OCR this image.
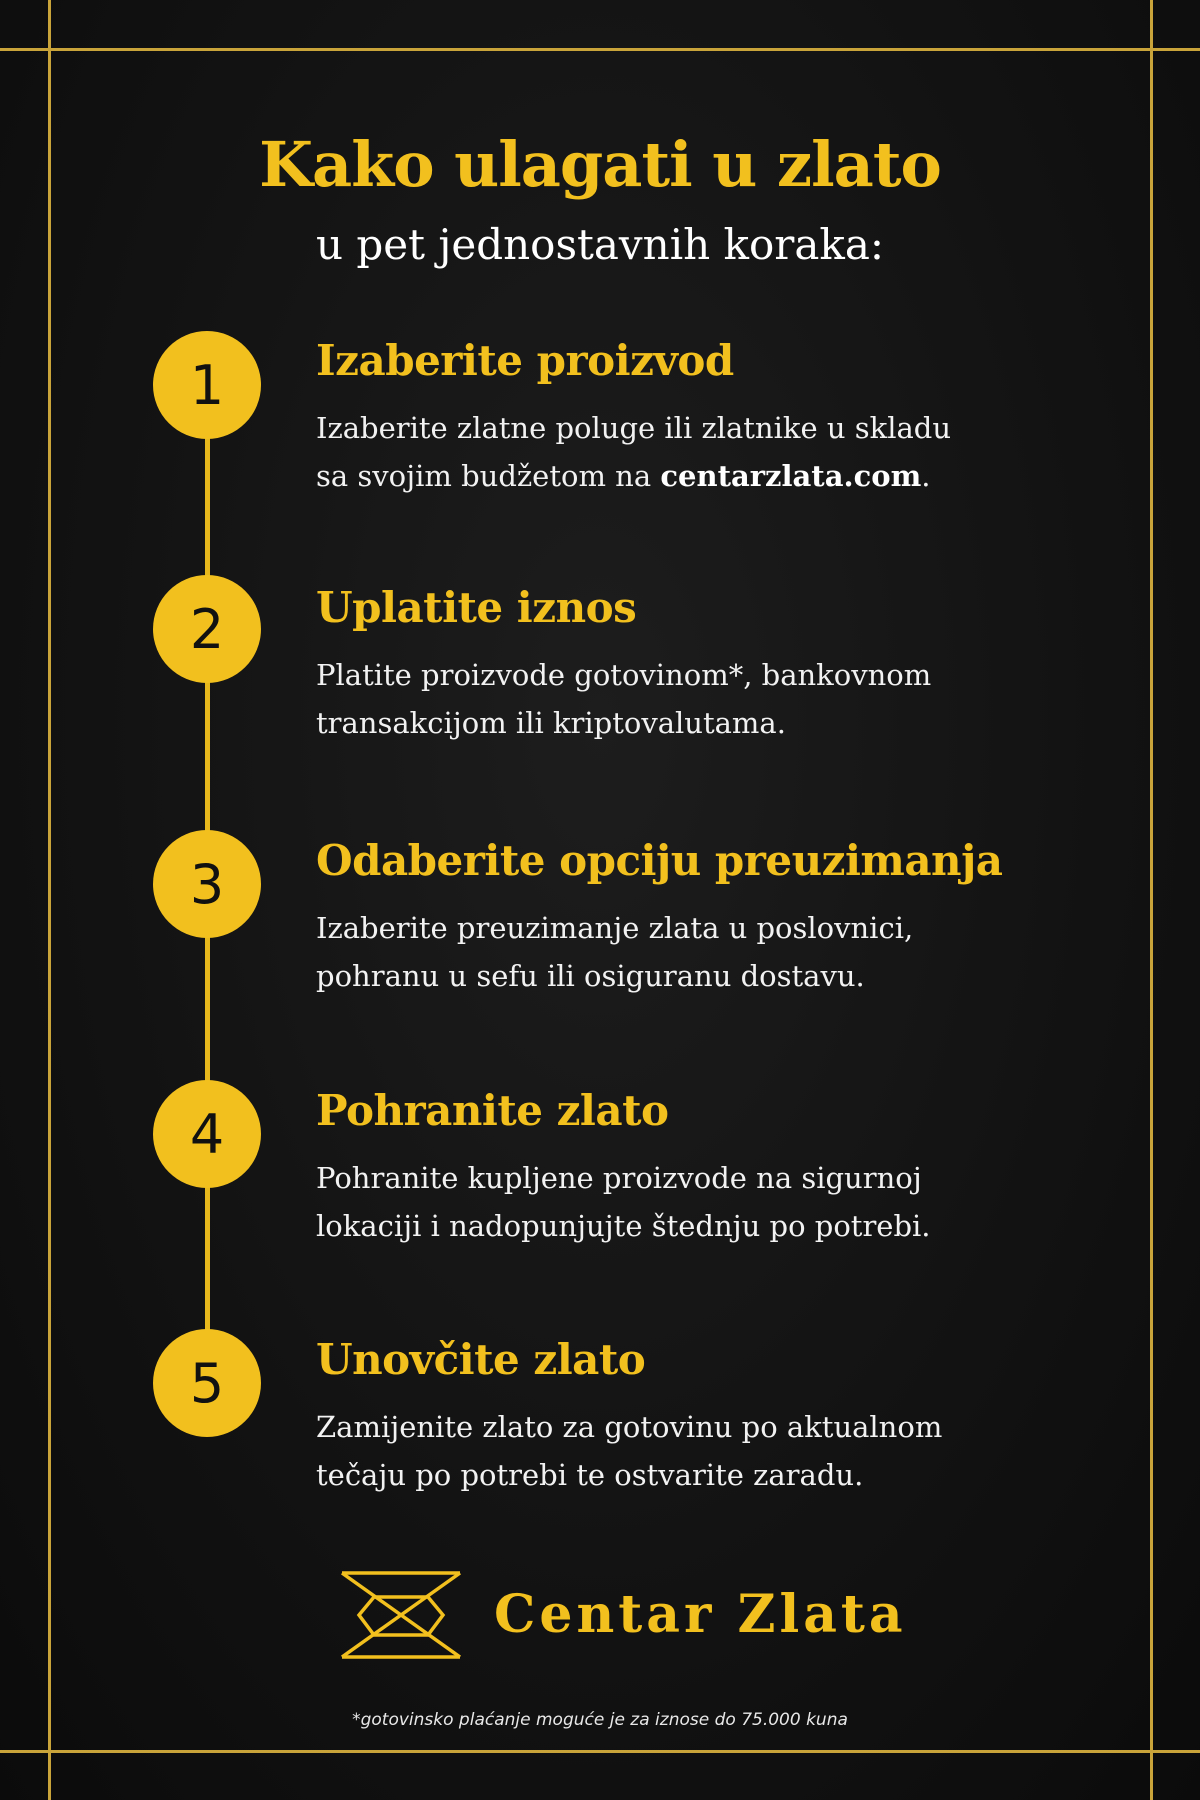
Kako ulagati u zlato
u pet jednostavnih koraka:
1
2
3
4
5
Izaberite proizvod

Izaberite zlatne poluge ili zlatnike u skladu
sa svojim budžetom na centarzlata.com.

Uplatite iznos

Platite proizvode gotovinom*, bankovnom
transakcijom ili kriptovalutama.

Odaberite opciju preuzimanja

Izaberite preuzimanje zlata u poslovnici,
pohranu u sefu ili osiguranu dostavu.

Pohranite zlato

Pohranite kupljene proizvode na sigurnoj
lokaciji i nadopunjujte štednju po potrebi.

Unovčite zlato

Zamijenite zlato za gotovinu po aktualnom
tečaju po potrebi te ostvarite zaradu.

Centar Zlata
*gotovinsko plaćanje moguće je za iznose do 75.000 kuna
